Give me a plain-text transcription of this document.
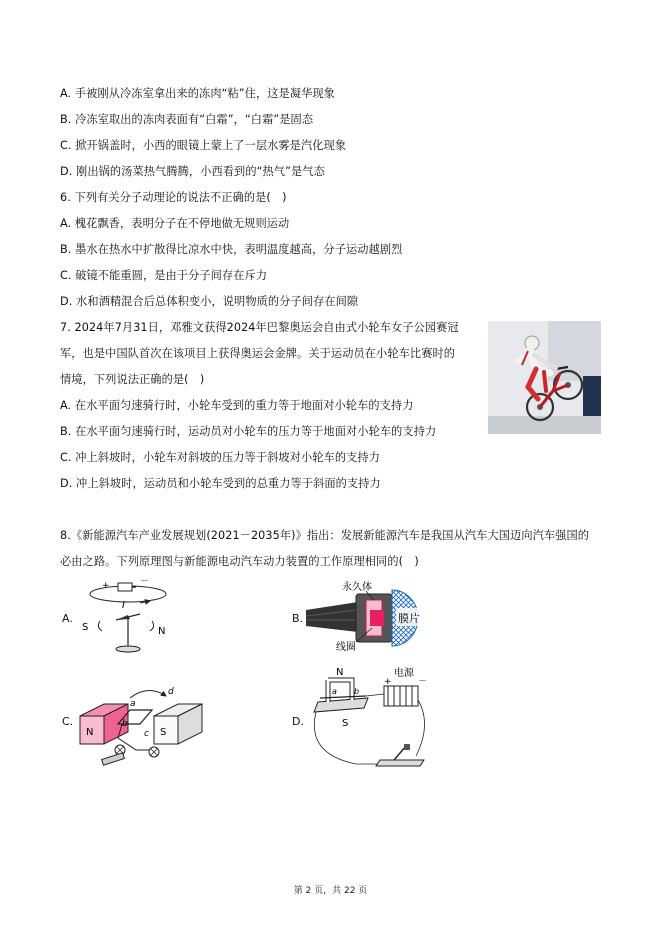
A. 手被刚从冷冻室拿出来的冻肉“粘”住，这是凝华现象
B. 冷冻室取出的冻肉表面有“白霜”，“白霜”是固态
C. 掀开锅盖时，小西的眼镜上蒙上了一层水雾是汽化现象
D. 刚出锅的汤菜热气腾腾，小西看到的“热气”是气态
6. 下列有关分子动理论的说法不正确的是(　)
A. 槐花飘香，表明分子在不停地做无规则运动
B. 墨水在热水中扩散得比凉水中快，表明温度越高，分子运动越剧烈
C. 破镜不能重圆，是由于分子间存在斥力
D. 水和酒精混合后总体积变小，说明物质的分子间存在间隙
7. 2024年7月31日，邓雅文获得2024年巴黎奥运会自由式小轮车女子公园赛冠
军，也是中国队首次在该项目上获得奥运会金牌。关于运动员在小轮车比赛时的
情境，下列说法正确的是(　)
A. 在水平面匀速骑行时，小轮车受到的重力等于地面对小轮车的支持力
B. 在水平面匀速骑行时，运动员对小轮车的压力等于地面对小轮车的支持力
C. 冲上斜坡时，小轮车对斜坡的压力等于斜坡对小轮车的支持力
D. 冲上斜坡时，运动员和小轮车受到的总重力等于斜面的支持力
8.《新能源汽车产业发展规划(2021－2035年)》指出：发展新能源汽车是我国从汽车大国迈向汽车强国的
必由之路。下列原理图与新能源电动汽车动力装置的工作原理相同的(　)
A.	B.
C.	D.
+	－
I
S	N
膜片
永久体
线圈
N	S
a
b
c
d
N
a b
S
电源
+	－
第 2 页，共 22 页
